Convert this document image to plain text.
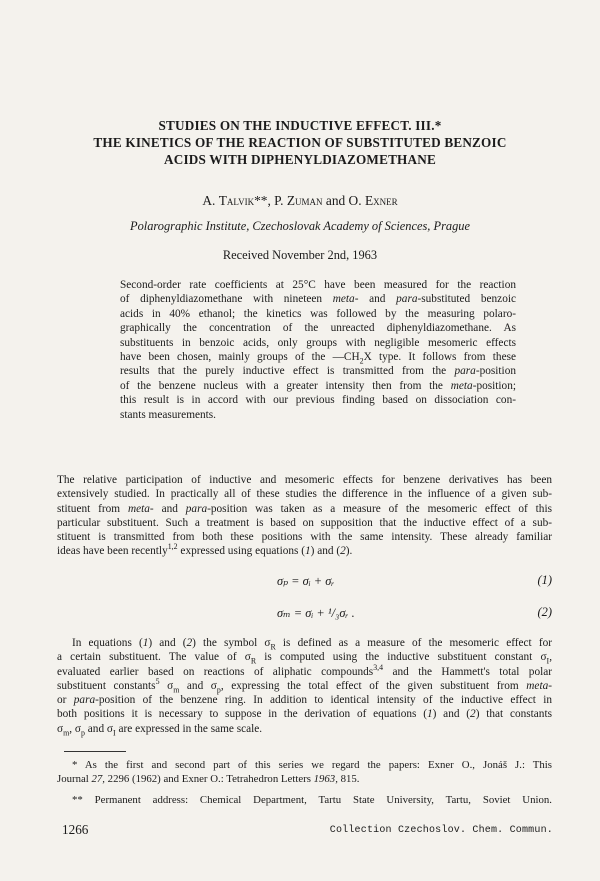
STUDIES ON THE INDUCTIVE EFFECT. III.*
THE KINETICS OF THE REACTION OF SUBSTITUTED BENZOIC
ACIDS WITH DIPHENYLDIAZOMETHANE
A. Talvik**, P. Zuman and O. Exner
Polarographic Institute, Czechoslovak Academy of Sciences, Prague
Received November 2nd, 1963
Second-order rate coefficients at 25°C have been measured for the reaction
of diphenyldiazomethane with nineteen meta- and para-substituted benzoic
acids in 40% ethanol; the kinetics was followed by the measuring polaro-
graphically the concentration of the unreacted diphenyldiazomethane. As
substituents in benzoic acids, only groups with negligible mesomeric effects
have been chosen, mainly groups of the $—CH_2X$ type. It follows from these
results that the purely inductive effect is transmitted from the para-position
of the benzene nucleus with a greater intensity then from the meta-position;
this result is in accord with our previous finding based on dissociation con-
stants measurements.
The relative participation of inductive and mesomeric effects for benzene derivatives has been
extensively studied. In practically all of these studies the difference in the influence of a given sub-
stituent from meta- and para-position was taken as a measure of the mesomeric effect of this
particular substituent. Such a treatment is based on supposition that the inductive effect of a sub-
stituent is transmitted from both these positions with the same intensity. These already familiar
ideas have been recently$^{1,2}$ expressed using equations (1) and (2).
σₚ = σᵢ + σᵣ	(1)
σₘ = σᵢ + ¹/₃σᵣ .	(2)
In equations (1) and (2) the symbol $\sigma_R$ is defined as a measure of the mesomeric effect for
a certain substituent. The value of $\sigma_R$ is computed using the inductive substituent constant $\sigma_I$,
evaluated earlier based on reactions of aliphatic compounds$^{3,4}$ and the Hammett's total polar
substituent constants$^5$ $\sigma_m$ and $\sigma_p$, expressing the total effect of the given substituent from meta-
or para-position of the benzene ring. In addition to identical intensity of the inductive effect in
both positions it is necessary to suppose in the derivation of equations (1) and (2) that constants
$\sigma_m$, $\sigma_p$ and $\sigma_I$ are expressed in the same scale.
* As the first and second part of this series we regard the papers: Exner O., Jonáš J.: This
Journal 27, 2296 (1962) and Exner O.: Tetrahedron Letters 1963, 815.
** Permanent address: Chemical Department, Tartu State University, Tartu, Soviet Union.
1266	Collection Czechoslov. Chem. Commun.
